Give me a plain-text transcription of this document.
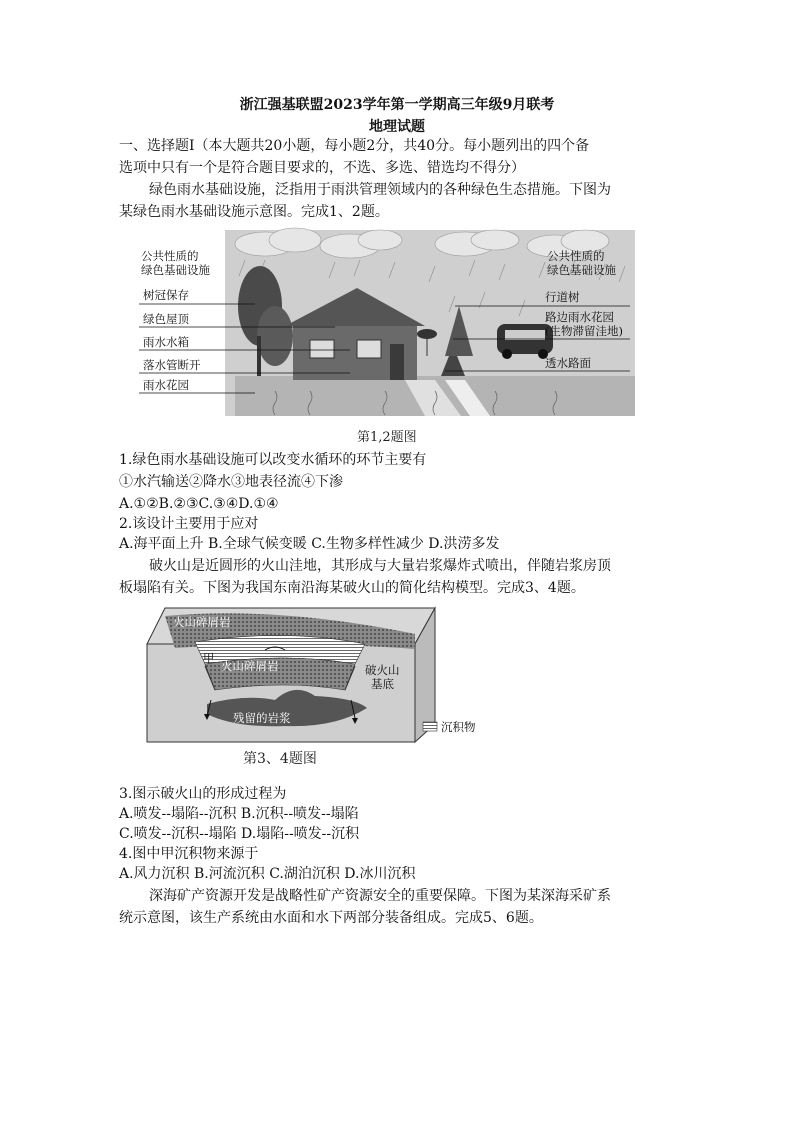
浙江强基联盟2023学年第一学期高三年级9月联考
地理试题
一、选择题Ⅰ（本大题共20小题，每小题2分，共40分。每小题列出的四个备
选项中只有一个是符合题目要求的，不选、多选、错选均不得分）
绿色雨水基础设施，泛指用于雨洪管理领域内的各种绿色生态措施。下图为
某绿色雨水基础设施示意图。完成1、2题。
公共性质的
绿色基础设施
树冠保存
绿色屋顶
雨水水箱
落水管断开
雨水花园
公共性质的
绿色基础设施
行道树
路边雨水花园
(生物滞留洼地)
透水路面
第1,2题图
1.绿色雨水基础设施可以改变水循环的环节主要有
①水汽输送②降水③地表径流④下渗
A.①②B.②③C.③④D.①④
2.该设计主要用于应对
A.海平面上升 B.全球气候变暖 C.生物多样性减少 D.洪涝多发
破火山是近圆形的火山洼地，其形成与大量岩浆爆炸式喷出，伴随岩浆房顶
板塌陷有关。下图为我国东南沿海某破火山的简化结构模型。完成3、4题。
火山碎屑岩
甲
火山碎屑岩	破火山
基底
残留的岩浆
沉积物
第3、4题图
3.图示破火山的形成过程为
A.喷发--塌陷--沉积 B.沉积--喷发--塌陷
C.喷发--沉积--塌陷 D.塌陷--喷发--沉积
4.图中甲沉积物来源于
A.风力沉积 B.河流沉积 C.湖泊沉积 D.冰川沉积
深海矿产资源开发是战略性矿产资源安全的重要保障。下图为某深海采矿系
统示意图，该生产系统由水面和水下两部分装备组成。完成5、6题。
